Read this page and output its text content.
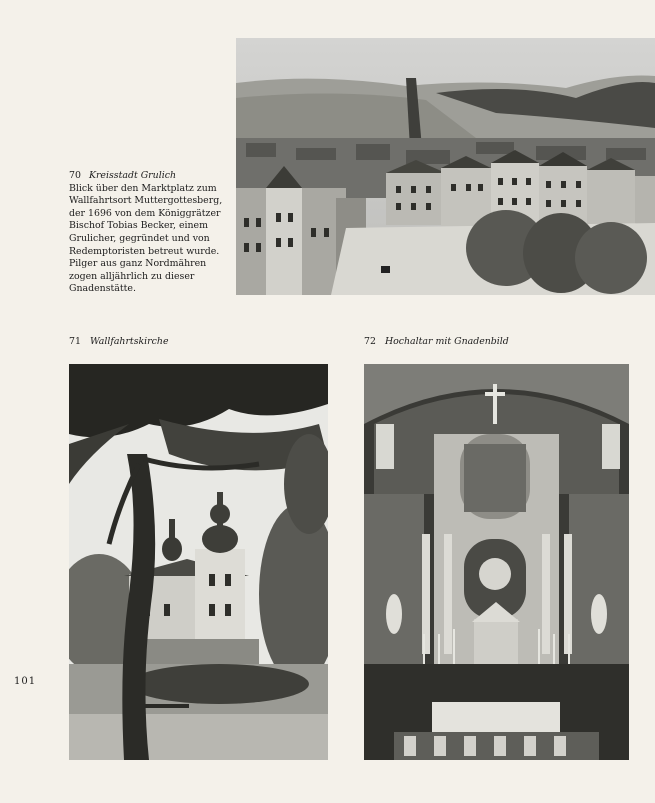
70 Kreisstadt Grulich
Blick über den Marktplatz zum
Wallfahrtsort Muttergottesberg,
der 1696 von dem Königgrätzer
Bischof Tobias Becker, einem
Grulicher, gegründet und von
Redemptoristen betreut wurde.
Pilger aus ganz Nordmähren
zogen alljährlich zu dieser
Gnadenstätte.
71 Wallfahrtskirche	72 Hochaltar mit Gnadenbild
101
